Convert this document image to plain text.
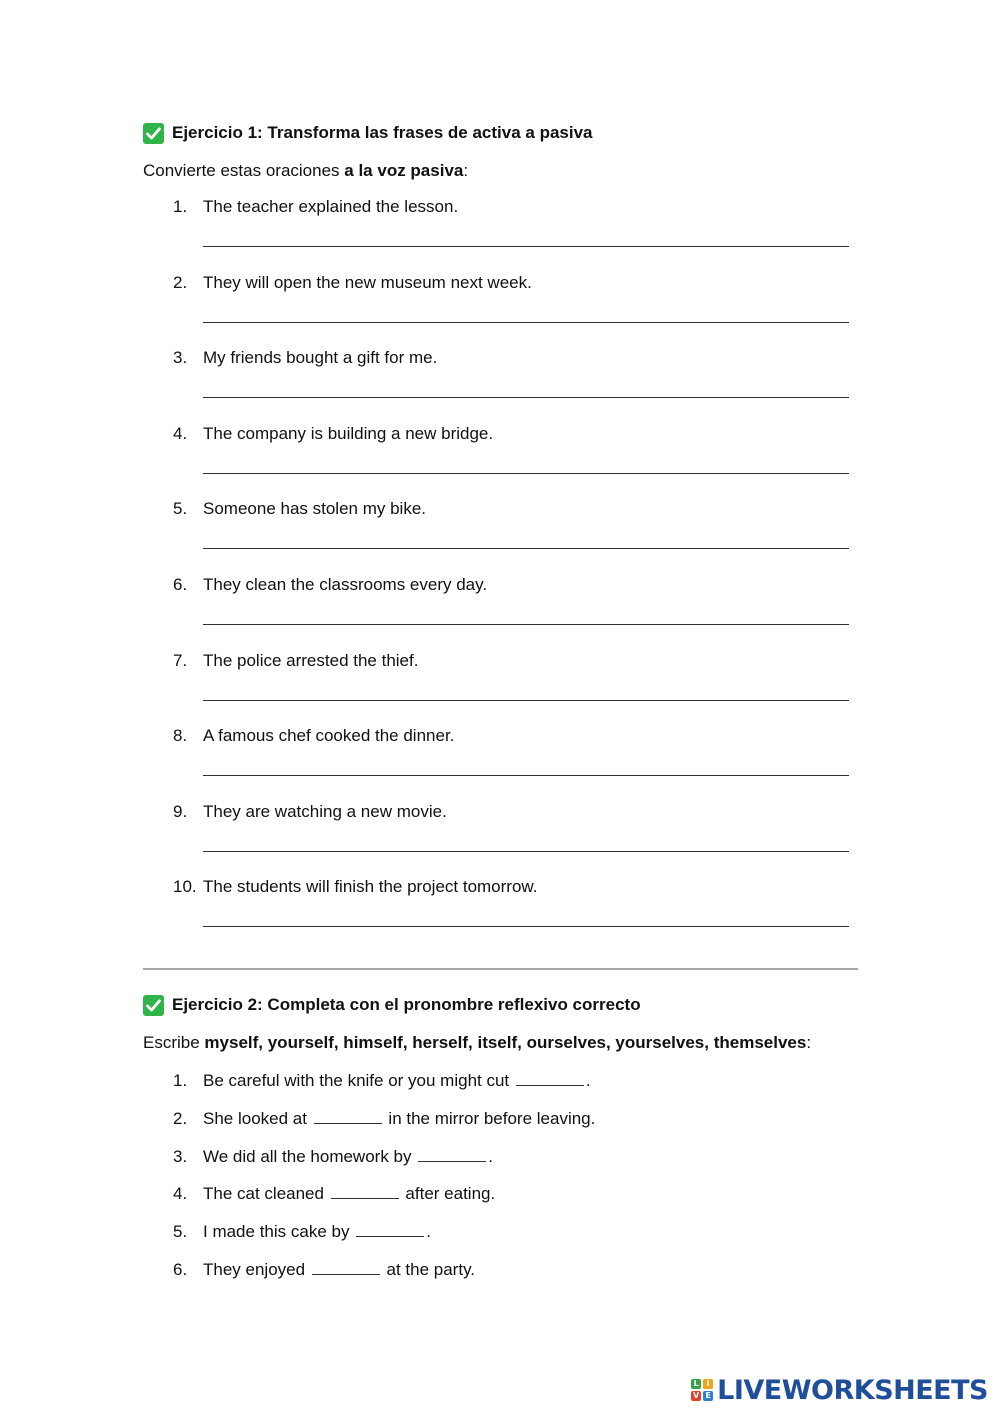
Ejercicio 1: Transforma las frases de activa a pasiva
Convierte estas oraciones a la voz pasiva:
1. The teacher explained the lesson.
2. They will open the new museum next week.
3. My friends bought a gift for me.
4. The company is building a new bridge.
5. Someone has stolen my bike.
6. They clean the classrooms every day.
7. The police arrested the thief.
8. A famous chef cooked the dinner.
9. They are watching a new movie.
10. The students will finish the project tomorrow.
Ejercicio 2: Completa con el pronombre reflexivo correcto
Escribe myself, yourself, himself, herself, itself, ourselves, yourselves, themselves:
1. Be careful with the knife or you might cut	.
2. She looked at	in the mirror before leaving.
3. We did all the homework by	.
4. The cat cleaned	after eating.
5. I made this cake by	.
6. They enjoyed	at the party.
L I
V E LIVEWORKSHEETS
